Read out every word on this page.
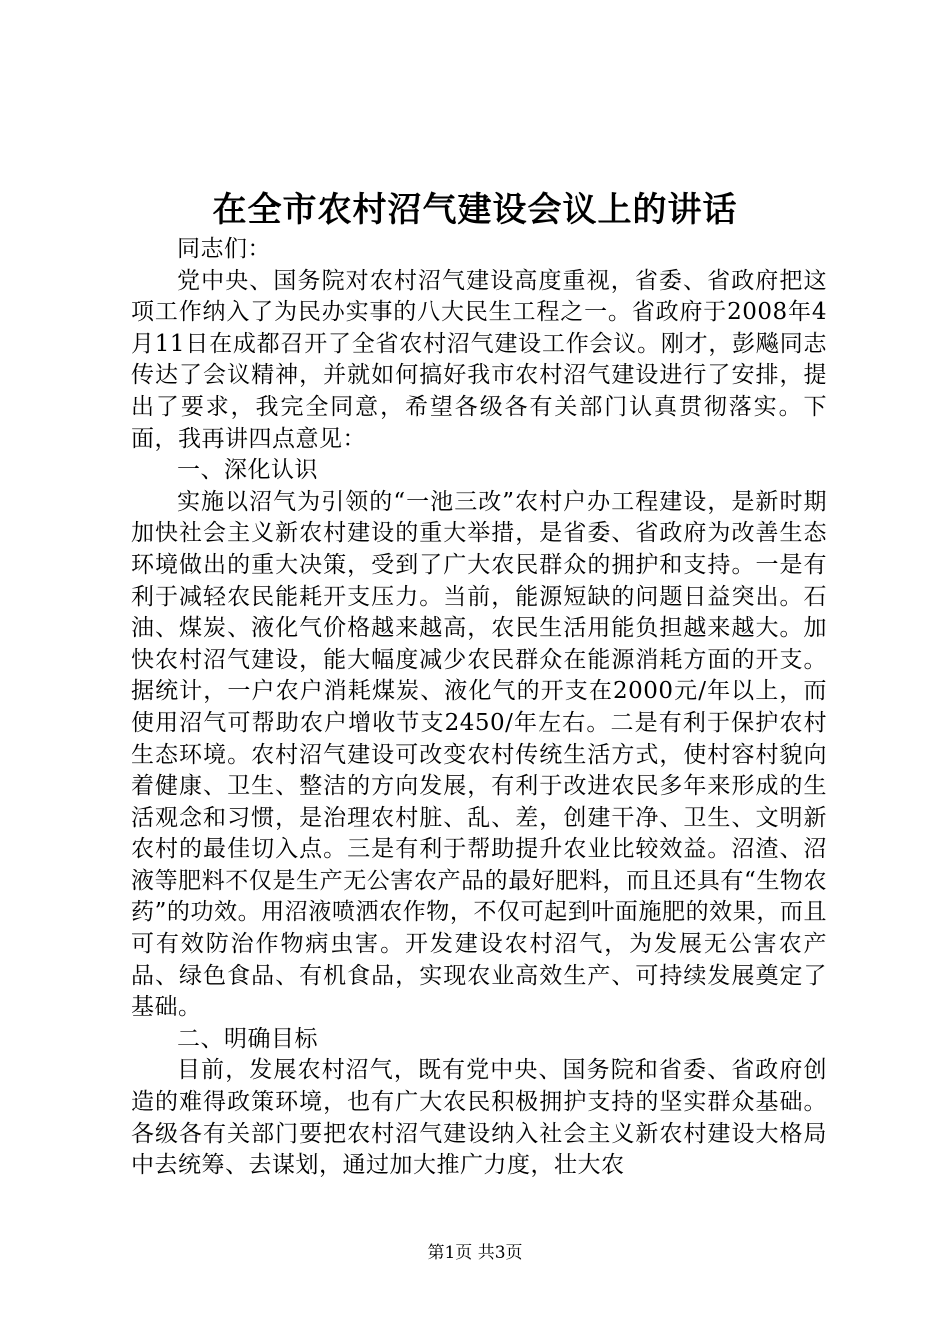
在全市农村沼气建设会议上的讲话

同志们：

党中央、国务院对农村沼气建设高度重视，省委、省政府把这项工作纳入了为民办实事的八大民生工程之一。省政府于2008年4月11日在成都召开了全省农村沼气建设工作会议。刚才，彭飚同志传达了会议精神，并就如何搞好我市农村沼气建设进行了安排，提出了要求，我完全同意，希望各级各有关部门认真贯彻落实。下面，我再讲四点意见：

一、深化认识

实施以沼气为引领的“一池三改”农村户办工程建设，是新时期加快社会主义新农村建设的重大举措，是省委、省政府为改善生态环境做出的重大决策，受到了广大农民群众的拥护和支持。一是有利于减轻农民能耗开支压力。当前，能源短缺的问题日益突出。石油、煤炭、液化气价格越来越高，农民生活用能负担越来越大。加快农村沼气建设，能大幅度减少农民群众在能源消耗方面的开支。据统计，一户农户消耗煤炭、液化气的开支在2000元/年以上，而使用沼气可帮助农户增收节支2450/年左右。二是有利于保护农村生态环境。农村沼气建设可改变农村传统生活方式，使村容村貌向着健康、卫生、整洁的方向发展，有利于改进农民多年来形成的生活观念和习惯，是治理农村脏、乱、差，创建干净、卫生、文明新农村的最佳切入点。三是有利于帮助提升农业比较效益。沼渣、沼液等肥料不仅是生产无公害农产品的最好肥料，而且还具有“生物农药”的功效。用沼液喷洒农作物，不仅可起到叶面施肥的效果，而且可有效防治作物病虫害。开发建设农村沼气，为发展无公害农产品、绿色食品、有机食品，实现农业高效生产、可持续发展奠定了基础。

二、明确目标

目前，发展农村沼气，既有党中央、国务院和省委、省政府创造的难得政策环境，也有广大农民积极拥护支持的坚实群众基础。各级各有关部门要把农村沼气建设纳入社会主义新农村建设大格局中去统筹、去谋划，通过加大推广力度，壮大农

第1页 共3页
